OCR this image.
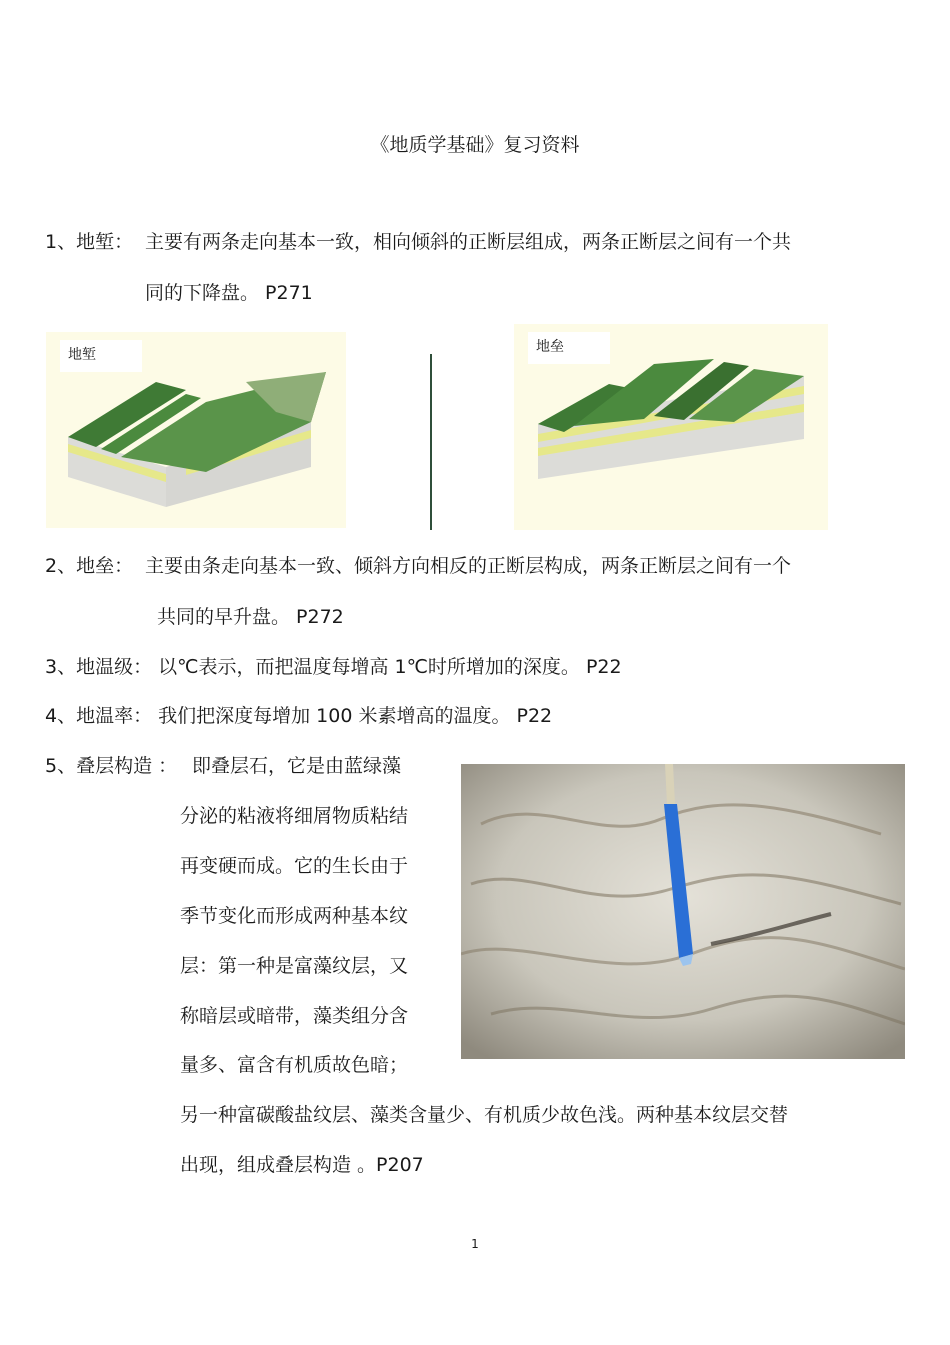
《地质学基础》复习资料
1、地堑： 主要有两条走向基本一致，相向倾斜的正断层组成，两条正断层之间有一个共
同的下降盘。 P271
地堑	地垒
2、地垒： 主要由条走向基本一致、倾斜方向相反的正断层构成，两条正断层之间有一个
共同的早升盘。 P272
3、地温级： 以℃表示，而把温度每增高 1℃时所增加的深度。 P22
4、地温率： 我们把深度每增加 100 米素增高的温度。 P22
5、叠层构造 ： 即叠层石，它是由蓝绿藻
分泌的粘液将细屑物质粘结
再变硬而成。它的生长由于
季节变化而形成两种基本纹
层：第一种是富藻纹层，又
称暗层或暗带，藻类组分含
量多、富含有机质故色暗；
另一种富碳酸盐纹层、藻类含量少、有机质少故色浅。两种基本纹层交替
出现，组成叠层构造 。P207
1
